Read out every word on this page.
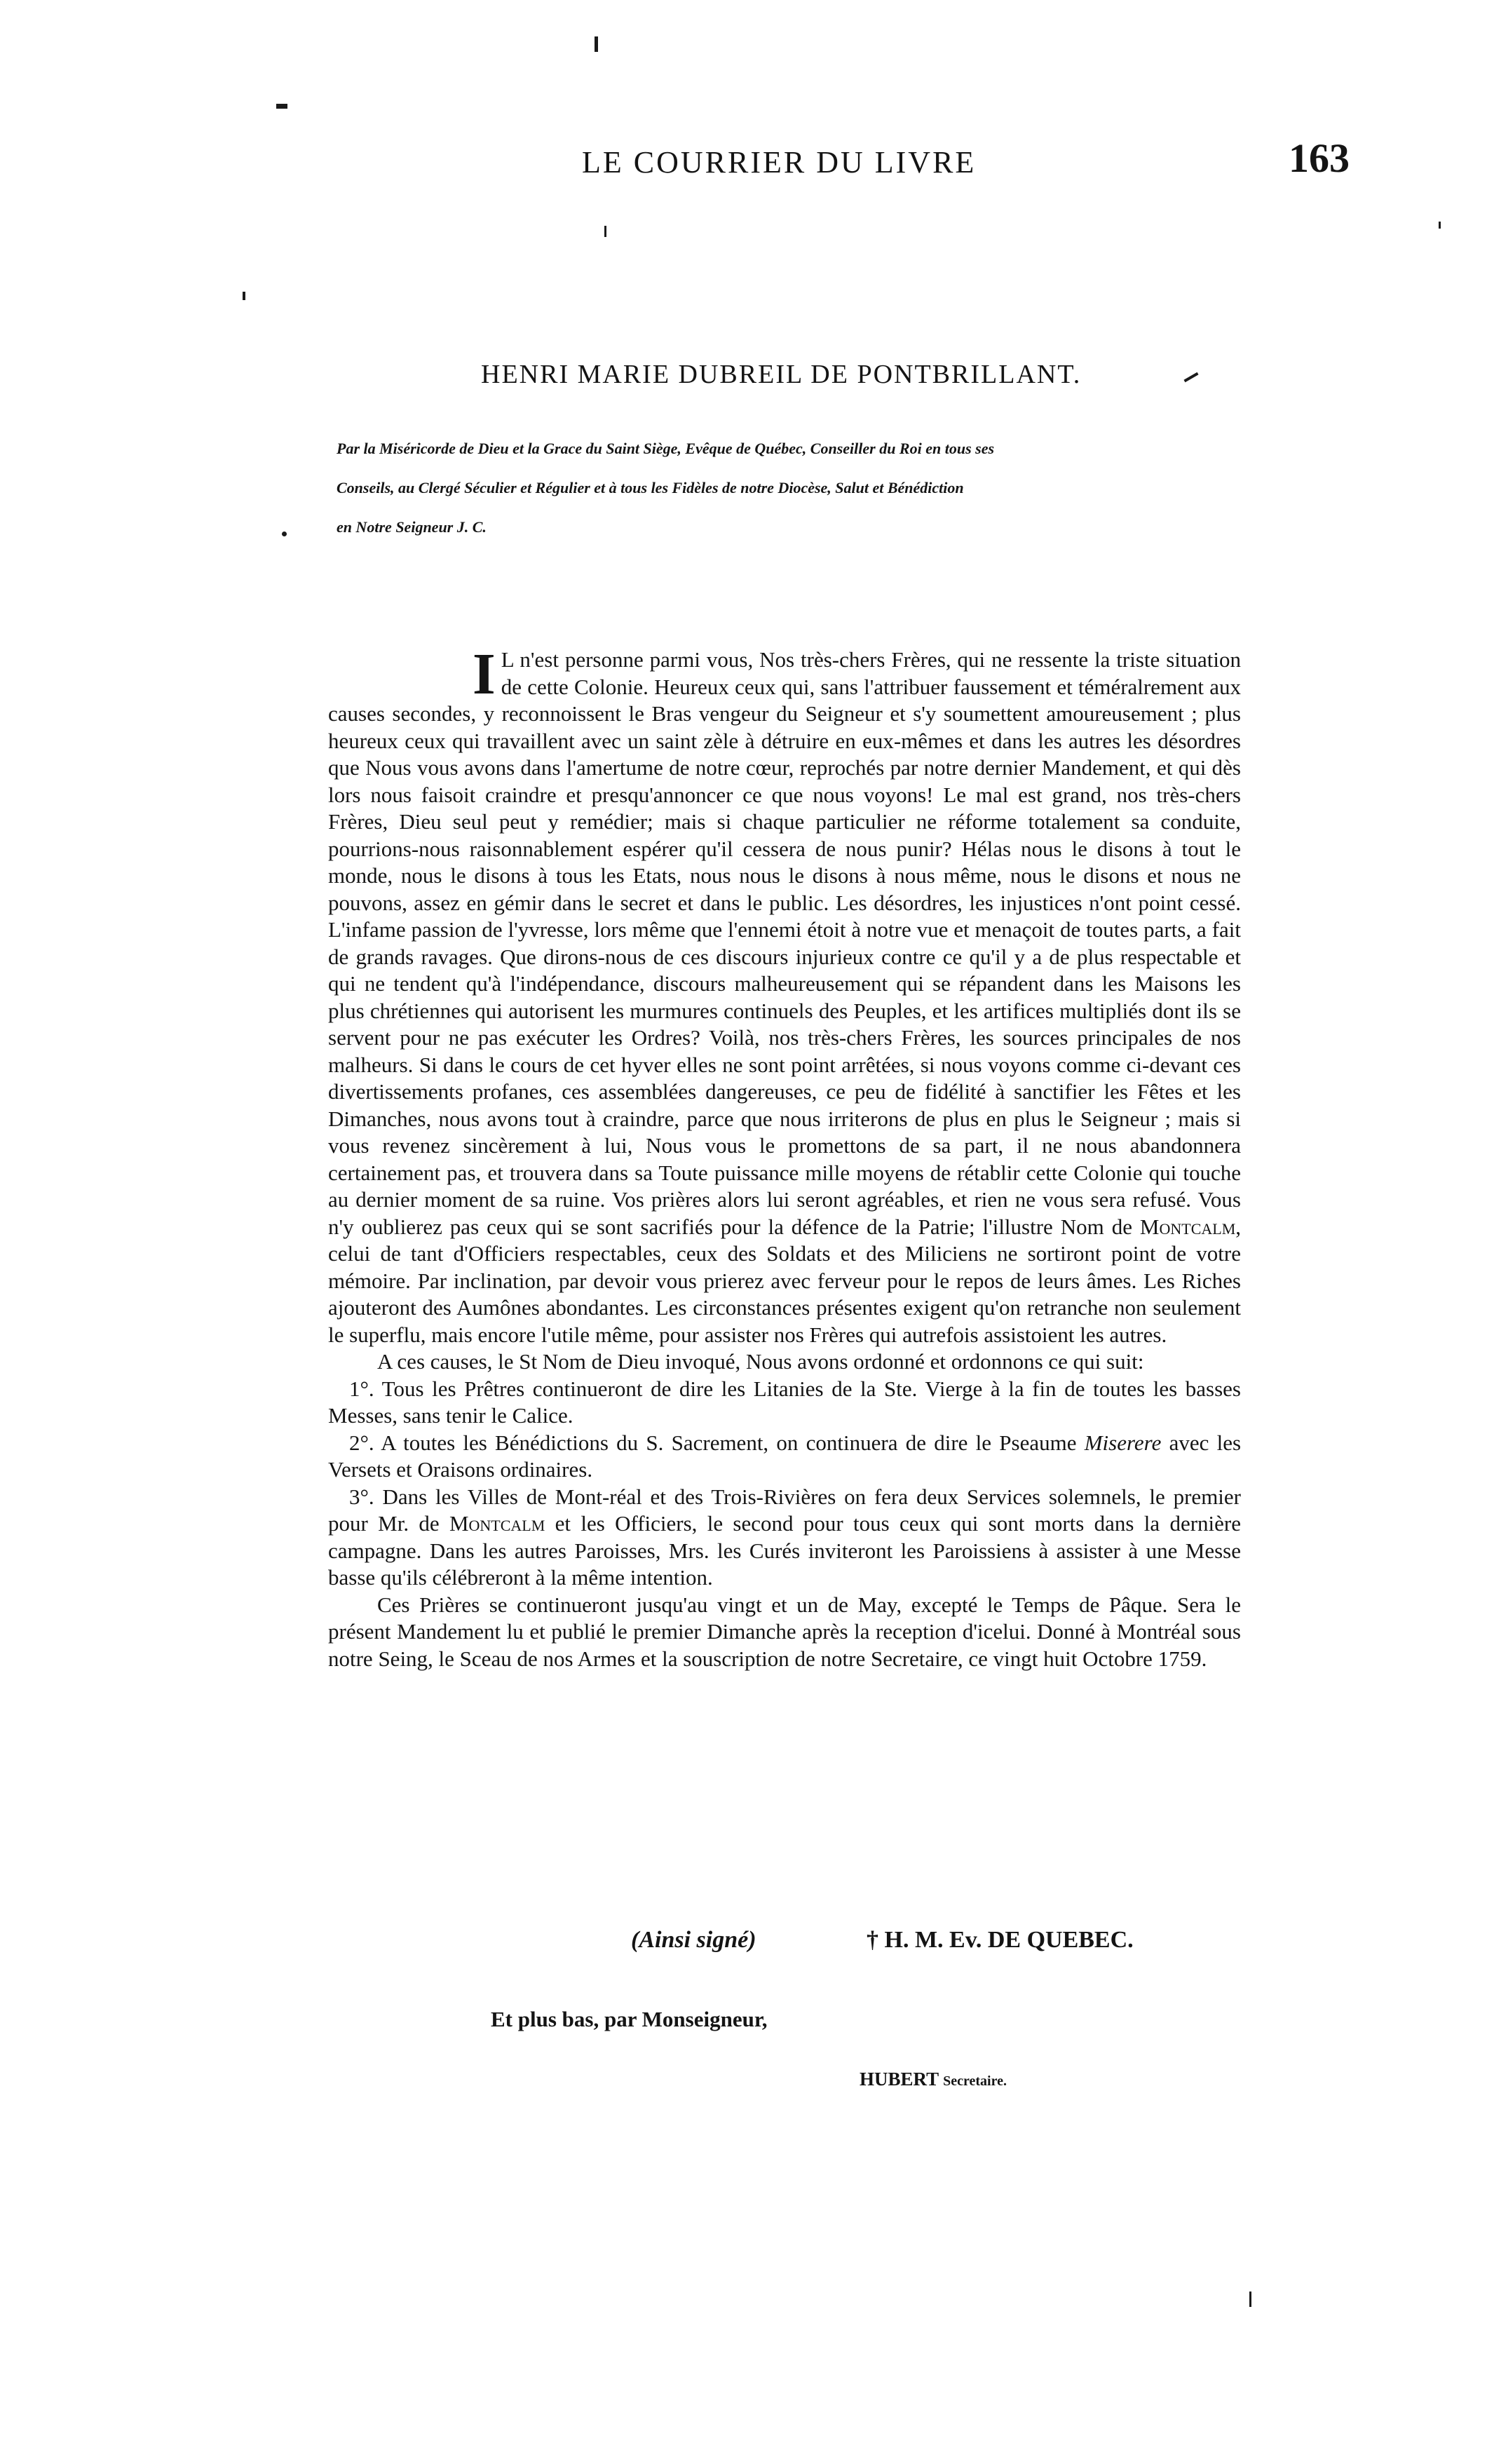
LE COURRIER DU LIVRE	163
HENRI MARIE DUBREIL DE PONTBRILLANT.

Par la Miséricorde de Dieu et la Grace du Saint Siège, Evêque de Québec, Conseiller du Roi en tous ses

Conseils, au Clergé Séculier et Régulier et à tous les Fidèles de notre Diocèse, Salut et Bénédiction

en Notre Seigneur J. C.

I L n'est personne parmi vous, Nos très-chers Frères, qui ne ressente la triste situation de cette Colonie. Heureux ceux qui, sans l'attribuer faussement et téméralrement aux causes secondes, y reconnoissent le Bras vengeur du Seigneur et s'y soumettent amoureusement ; plus heureux ceux qui travaillent avec un saint zèle à détruire en eux-mêmes et dans les autres les désordres que Nous vous avons dans l'amertume de notre cœur, reprochés par notre dernier Mandement, et qui dès lors nous faisoit craindre et presqu'annoncer ce que nous voyons! Le mal est grand, nos très-chers Frères, Dieu seul peut y remédier; mais si chaque particulier ne réforme totalement sa conduite, pourrions-nous raisonnablement espérer qu'il cessera de nous punir? Hélas nous le disons à tout le monde, nous le disons à tous les Etats, nous nous le disons à nous même, nous le disons et nous ne pouvons, assez en gémir dans le secret et dans le public. Les désordres, les injustices n'ont point cessé. L'infame passion de l'yvresse, lors même que l'ennemi étoit à notre vue et menaçoit de toutes parts, a fait de grands ravages. Que dirons-nous de ces discours injurieux contre ce qu'il y a de plus respectable et qui ne tendent qu'à l'indépendance, discours malheureusement qui se répandent dans les Maisons les plus chrétiennes qui autorisent les murmures continuels des Peuples, et les artifices multipliés dont ils se servent pour ne pas exécuter les Ordres? Voilà, nos très-chers Frères, les sources principales de nos malheurs. Si dans le cours de cet hyver elles ne sont point arrêtées, si nous voyons comme ci-devant ces divertissements profanes, ces assemblées dangereuses, ce peu de fidélité à sanctifier les Fêtes et les Dimanches, nous avons tout à craindre, parce que nous irriterons de plus en plus le Seigneur ; mais si vous revenez sincèrement à lui, Nous vous le promettons de sa part, il ne nous abandonnera certainement pas, et trouvera dans sa Toute puissance mille moyens de rétablir cette Colonie qui touche au dernier moment de sa ruine. Vos prières alors lui seront agréables, et rien ne vous sera refusé. Vous n'y oublierez pas ceux qui se sont sacrifiés pour la défence de la Patrie; l'illustre Nom de Montcalm, celui de tant d'Officiers respectables, ceux des Soldats et des Miliciens ne sortiront point de votre mémoire. Par inclination, par devoir vous prierez avec ferveur pour le repos de leurs âmes. Les Riches ajouteront des Aumônes abondantes. Les circonstances présentes exigent qu'on retranche non seulement le superflu, mais encore l'utile même, pour assister nos Frères qui autrefois assistoient les autres.

A ces causes, le St Nom de Dieu invoqué, Nous avons ordonné et ordonnons ce qui suit:

1°. Tous les Prêtres continueront de dire les Litanies de la Ste. Vierge à la fin de toutes les basses Messes, sans tenir le Calice.

2°. A toutes les Bénédictions du S. Sacrement, on continuera de dire le Pseaume Miserere avec les Versets et Oraisons ordinaires.

3°. Dans les Villes de Mont-réal et des Trois-Rivières on fera deux Services solemnels, le premier pour Mr. de Montcalm et les Officiers, le second pour tous ceux qui sont morts dans la dernière campagne. Dans les autres Paroisses, Mrs. les Curés inviteront les Paroissiens à assister à une Messe basse qu'ils célébreront à la même intention.

Ces Prières se continueront jusqu'au vingt et un de May, excepté le Temps de Pâque. Sera le présent Mandement lu et publié le premier Dimanche après la reception d'icelui. Donné à Montréal sous notre Seing, le Sceau de nos Armes et la souscription de notre Secretaire, ce vingt huit Octobre 1759.

(Ainsi signé)	† H. M. Ev. DE QUEBEC.
Et plus bas, par Monseigneur,
HUBERT Secretaire.
